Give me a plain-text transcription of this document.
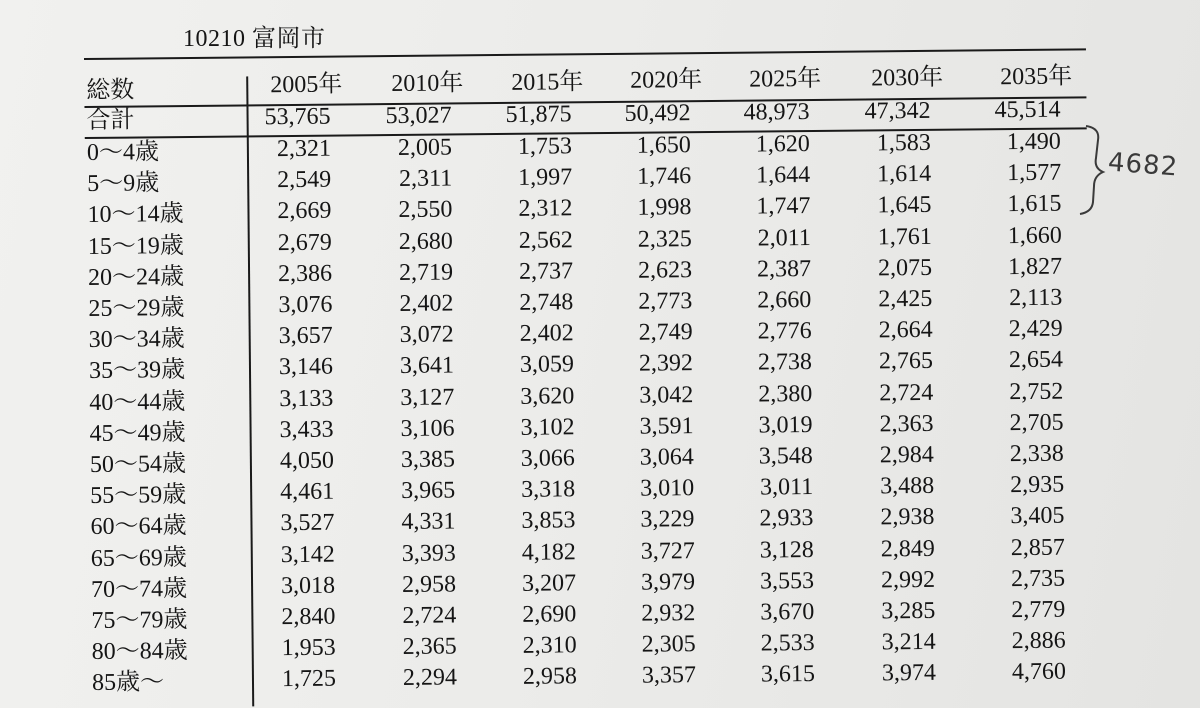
10210 富岡市
総数	2005年 2010年 2015年 2020年 2025年 2030年 2035年
合計	53,765	53,027	51,875	50,492	48,973	47,342	45,514
0～4歳	2,321	2,005	1,753	1,650	1,620	1,583	1,490
5～9歳	2,549	2,311	1,997	1,746	1,644	1,614	1,577
10～14歳	2,669	2,550	2,312	1,998	1,747	1,645	1,615
15～19歳	2,679	2,680	2,562	2,325	2,011	1,761	1,660
20～24歳	2,386	2,719	2,737	2,623	2,387	2,075	1,827
25～29歳	3,076	2,402	2,748	2,773	2,660	2,425	2,113
30～34歳	3,657	3,072	2,402	2,749	2,776	2,664	2,429
35～39歳	3,146	3,641	3,059	2,392	2,738	2,765	2,654
40～44歳	3,133	3,127	3,620	3,042	2,380	2,724	2,752
45～49歳	3,433	3,106	3,102	3,591	3,019	2,363	2,705
50～54歳	4,050	3,385	3,066	3,064	3,548	2,984	2,338
55～59歳	4,461	3,965	3,318	3,010	3,011	3,488	2,935
60～64歳	3,527	4,331	3,853	3,229	2,933	2,938	3,405
65～69歳	3,142	3,393	4,182	3,727	3,128	2,849	2,857
70～74歳	3,018	2,958	3,207	3,979	3,553	2,992	2,735
75～79歳	2,840	2,724	2,690	2,932	3,670	3,285	2,779
80～84歳	1,953	2,365	2,310	2,305	2,533	3,214	2,886
85歳～	1,725	2,294	2,958	3,357	3,615	3,974	4,760
4682
